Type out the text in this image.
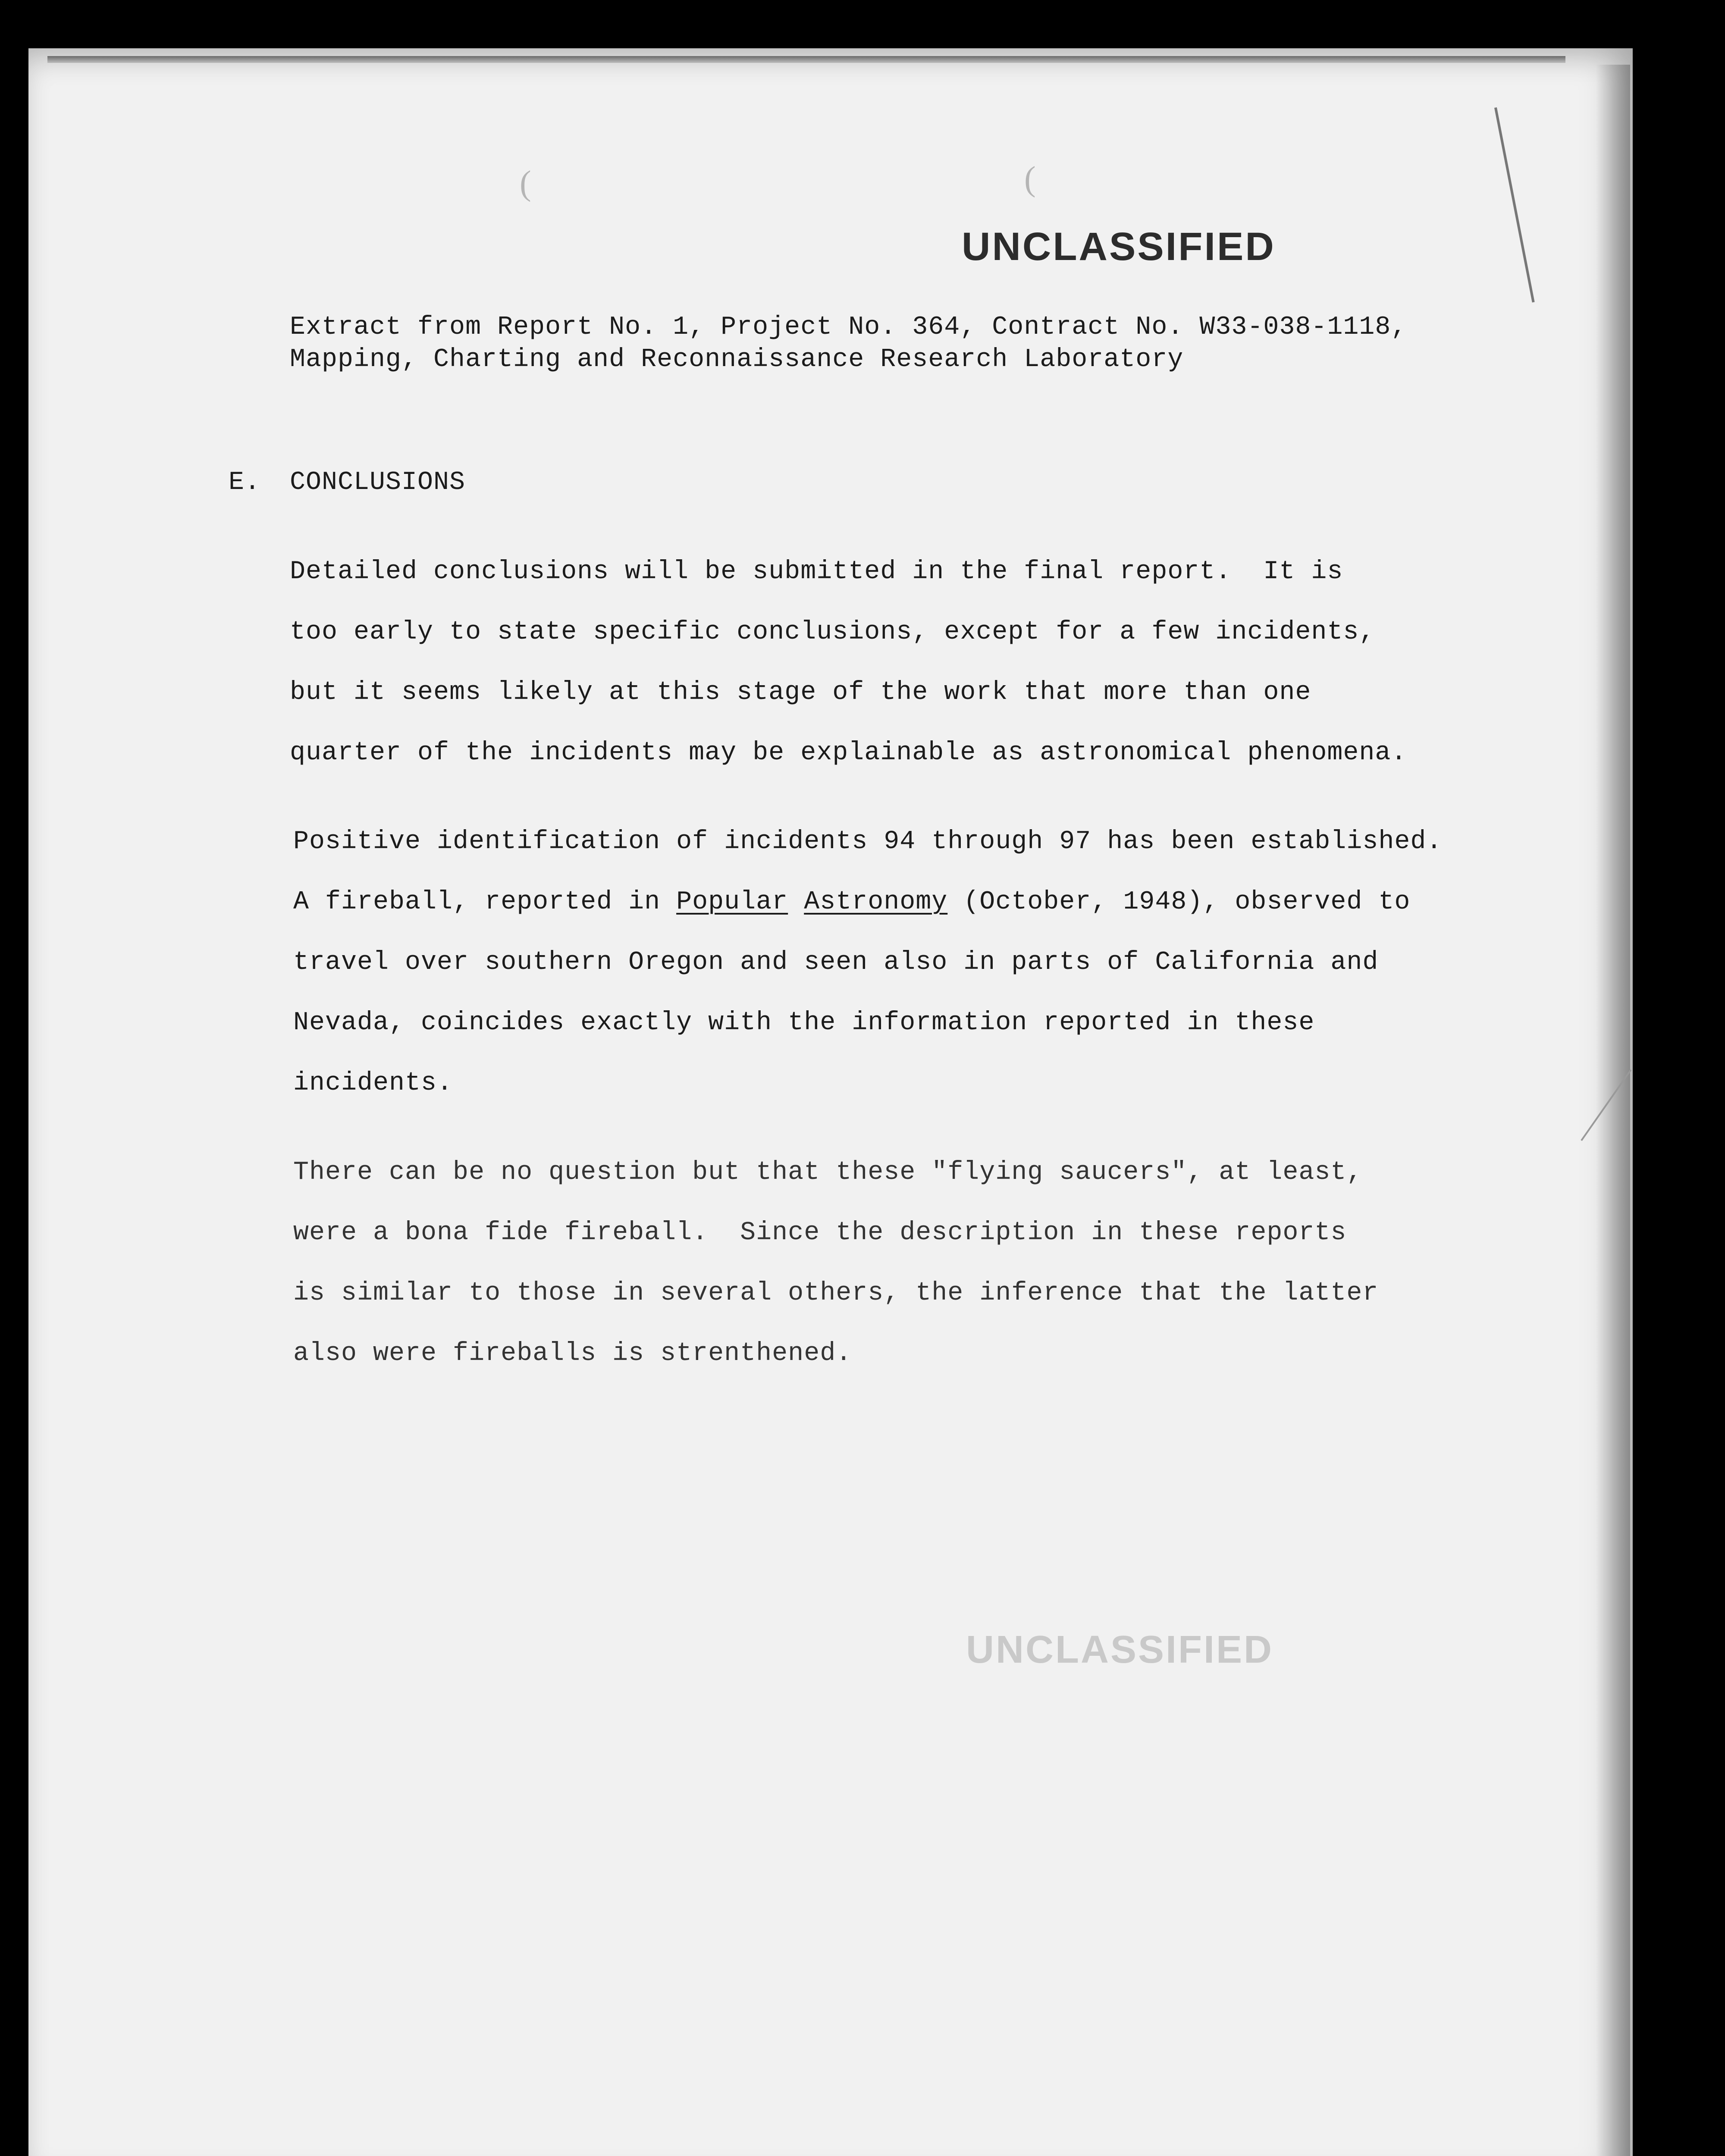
(	(
UNCLASSIFIED
Extract from Report No. 1, Project No. 364, Contract No. W33-038-1118,
Mapping, Charting and Reconnaissance Research Laboratory
E. CONCLUSIONS
Detailed conclusions will be submitted in the final report.  It is
too early to state specific conclusions, except for a few incidents,
but it seems likely at this stage of the work that more than one
quarter of the incidents may be explainable as astronomical phenomena.
Positive identification of incidents 94 through 97 has been established.
A fireball, reported in Popular Astronomy (October, 1948), observed to
travel over southern Oregon and seen also in parts of California and
Nevada, coincides exactly with the information reported in these
incidents.
There can be no question but that these "flying saucers", at least,
were a bona fide fireball.  Since the description in these reports
is similar to those in several others, the inference that the latter
also were fireballs is strenthened.
UNCLASSIFIED
